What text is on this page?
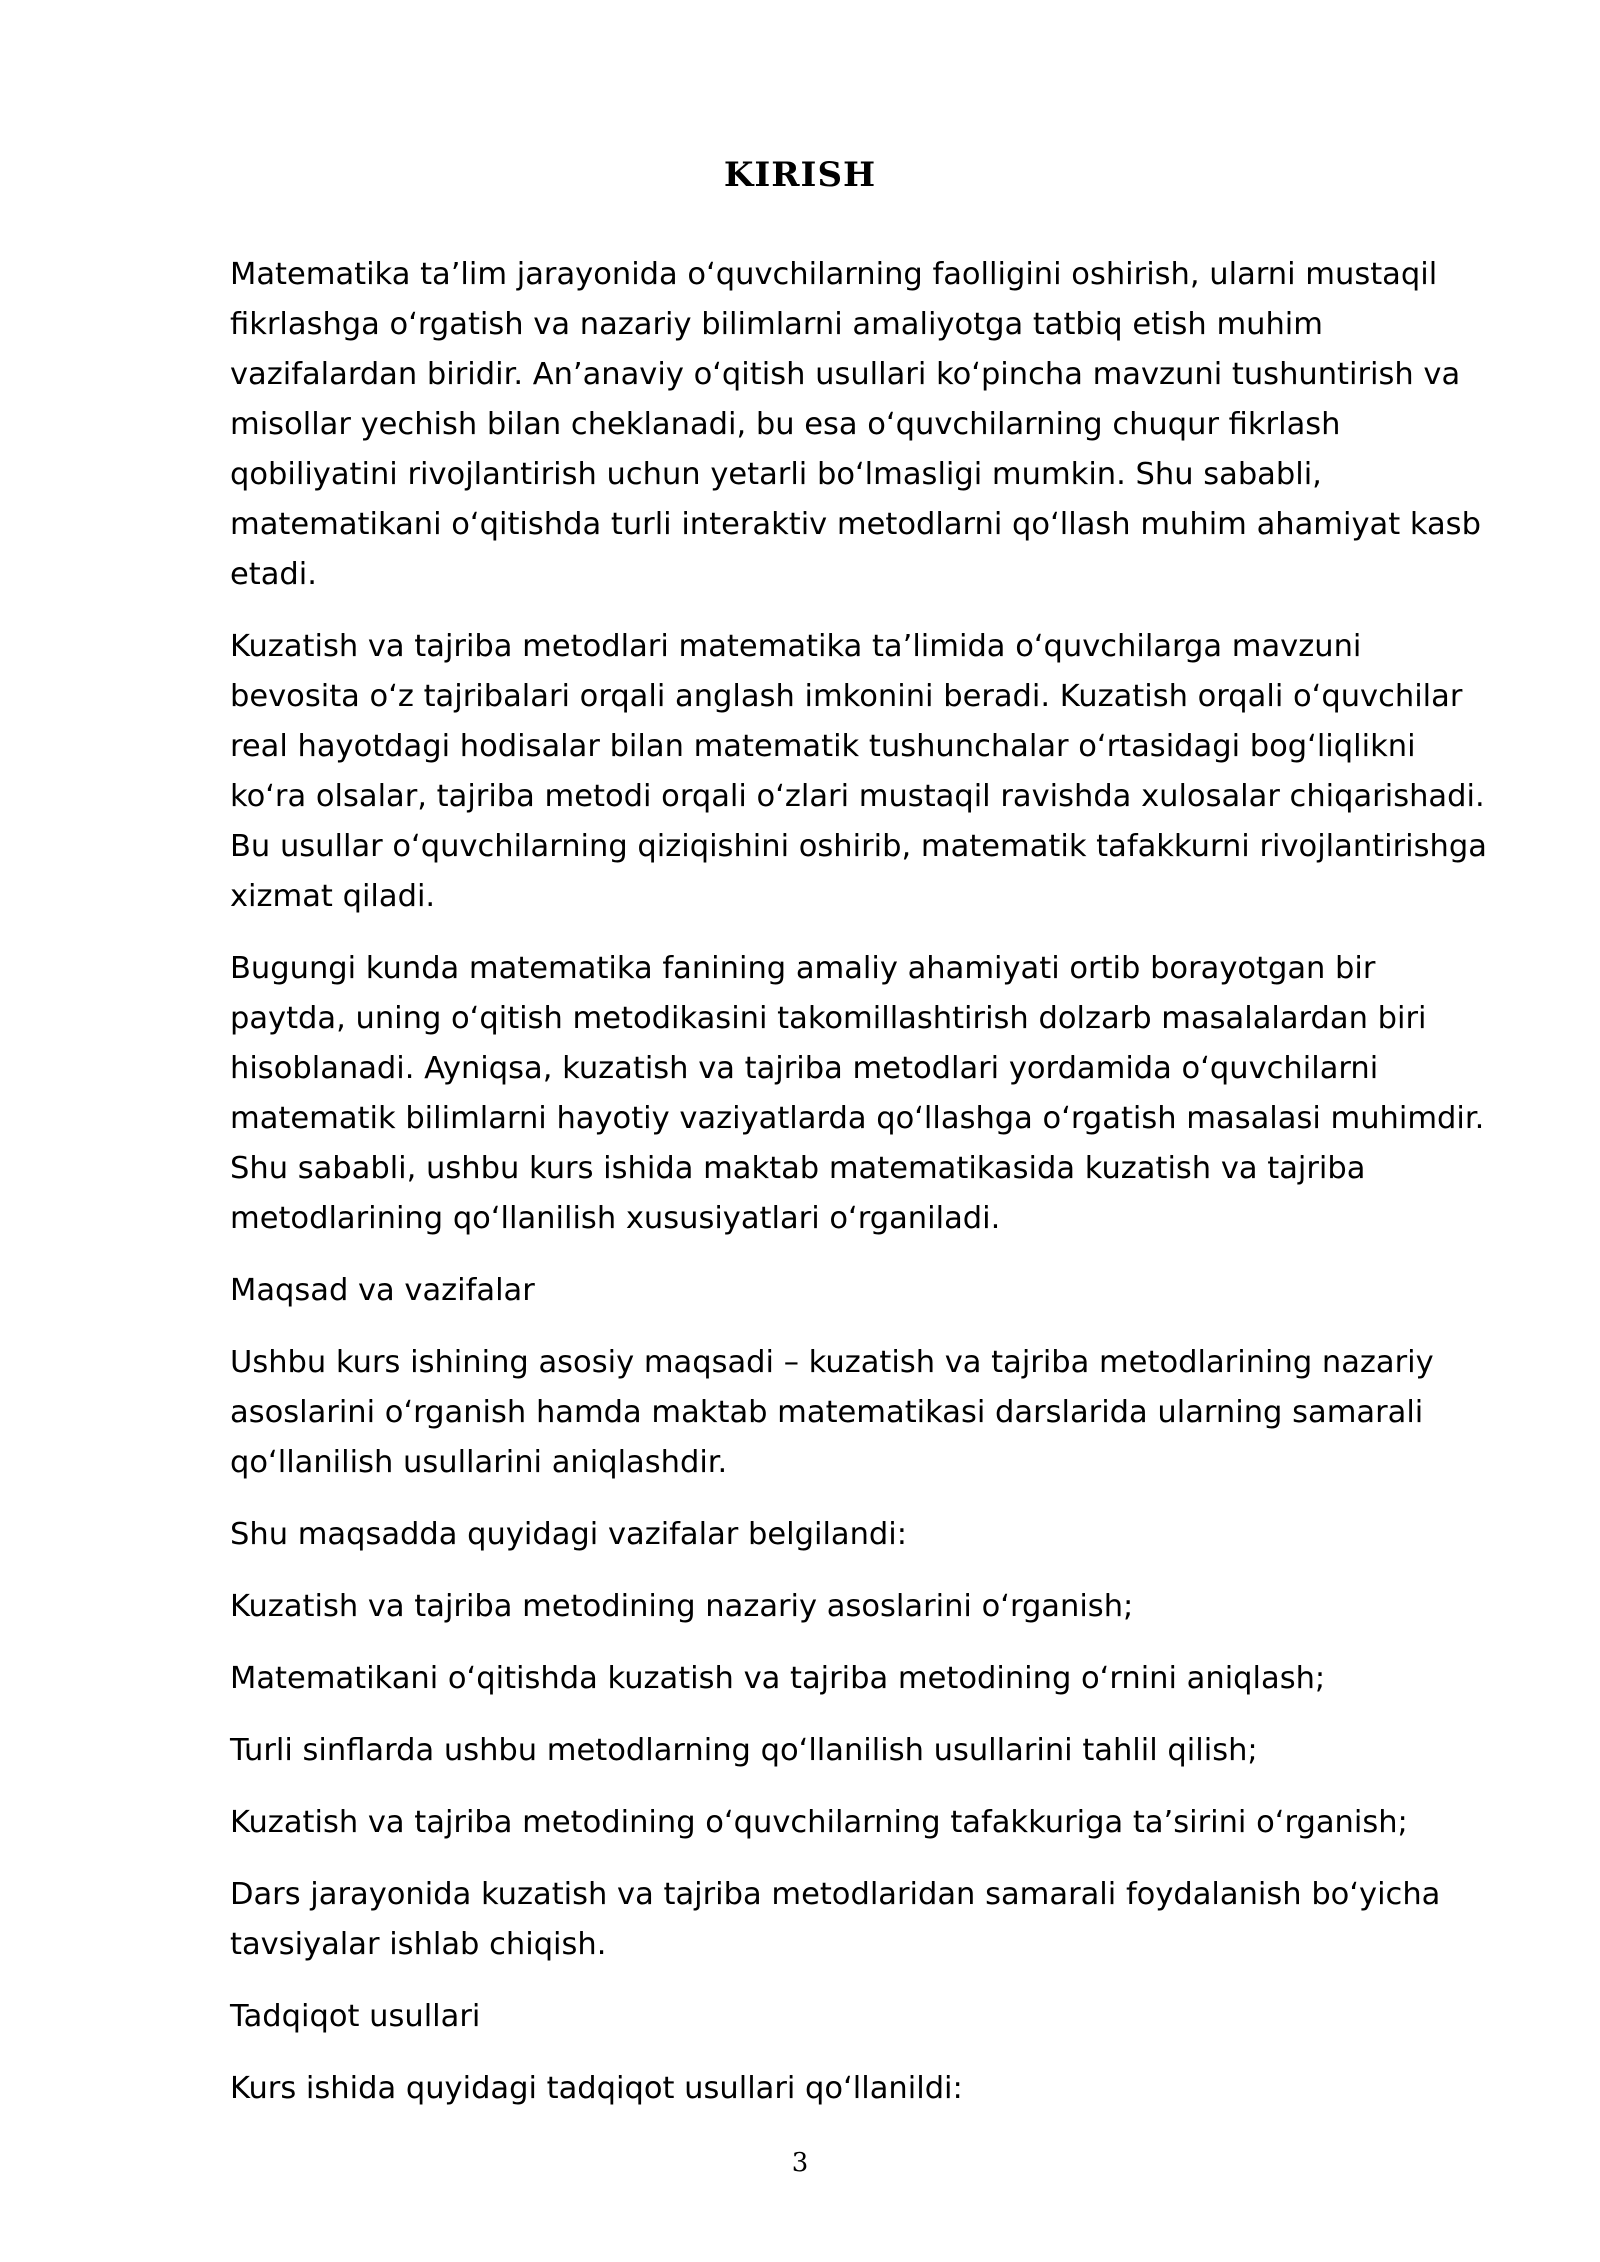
KIRISH

Matematika ta’lim jarayonida o‘quvchilarning faolligini oshirish, ularni mustaqil fikrlashga o‘rgatish va nazariy bilimlarni amaliyotga tatbiq etish muhim vazifalardan biridir. An’anaviy o‘qitish usullari ko‘pincha mavzuni tushuntirish va misollar yechish bilan cheklanadi, bu esa o‘quvchilarning chuqur fikrlash qobiliyatini rivojlantirish uchun yetarli bo‘lmasligi mumkin. Shu sababli, matematikani o‘qitishda turli interaktiv metodlarni qo‘llash muhim ahamiyat kasb etadi.

Kuzatish va tajriba metodlari matematika ta’limida o‘quvchilarga mavzuni bevosita o‘z tajribalari orqali anglash imkonini beradi. Kuzatish orqali o‘quvchilar real hayotdagi hodisalar bilan matematik tushunchalar o‘rtasidagi bog‘liqlikni ko‘ra olsalar, tajriba metodi orqali o‘zlari mustaqil ravishda xulosalar chiqarishadi. Bu usullar o‘quvchilarning qiziqishini oshirib, matematik tafakkurni rivojlantirishga xizmat qiladi.

Bugungi kunda matematika fanining amaliy ahamiyati ortib borayotgan bir paytda, uning o‘qitish metodikasini takomillashtirish dolzarb masalalardan biri hisoblanadi. Ayniqsa, kuzatish va tajriba metodlari yordamida o‘quvchilarni matematik bilimlarni hayotiy vaziyatlarda qo‘llashga o‘rgatish masalasi muhimdir. Shu sababli, ushbu kurs ishida maktab matematikasida kuzatish va tajriba metodlarining qo‘llanilish xususiyatlari o‘rganiladi.

Maqsad va vazifalar

Ushbu kurs ishining asosiy maqsadi – kuzatish va tajriba metodlarining nazariy asoslarini o‘rganish hamda maktab matematikasi darslarida ularning samarali qo‘llanilish usullarini aniqlashdir.

Shu maqsadda quyidagi vazifalar belgilandi:

Kuzatish va tajriba metodining nazariy asoslarini o‘rganish;

Matematikani o‘qitishda kuzatish va tajriba metodining o‘rnini aniqlash;

Turli sinflarda ushbu metodlarning qo‘llanilish usullarini tahlil qilish;

Kuzatish va tajriba metodining o‘quvchilarning tafakkuriga ta’sirini o‘rganish;

Dars jarayonida kuzatish va tajriba metodlaridan samarali foydalanish bo‘yicha tavsiyalar ishlab chiqish.

Tadqiqot usullari

Kurs ishida quyidagi tadqiqot usullari qo‘llanildi:

3
